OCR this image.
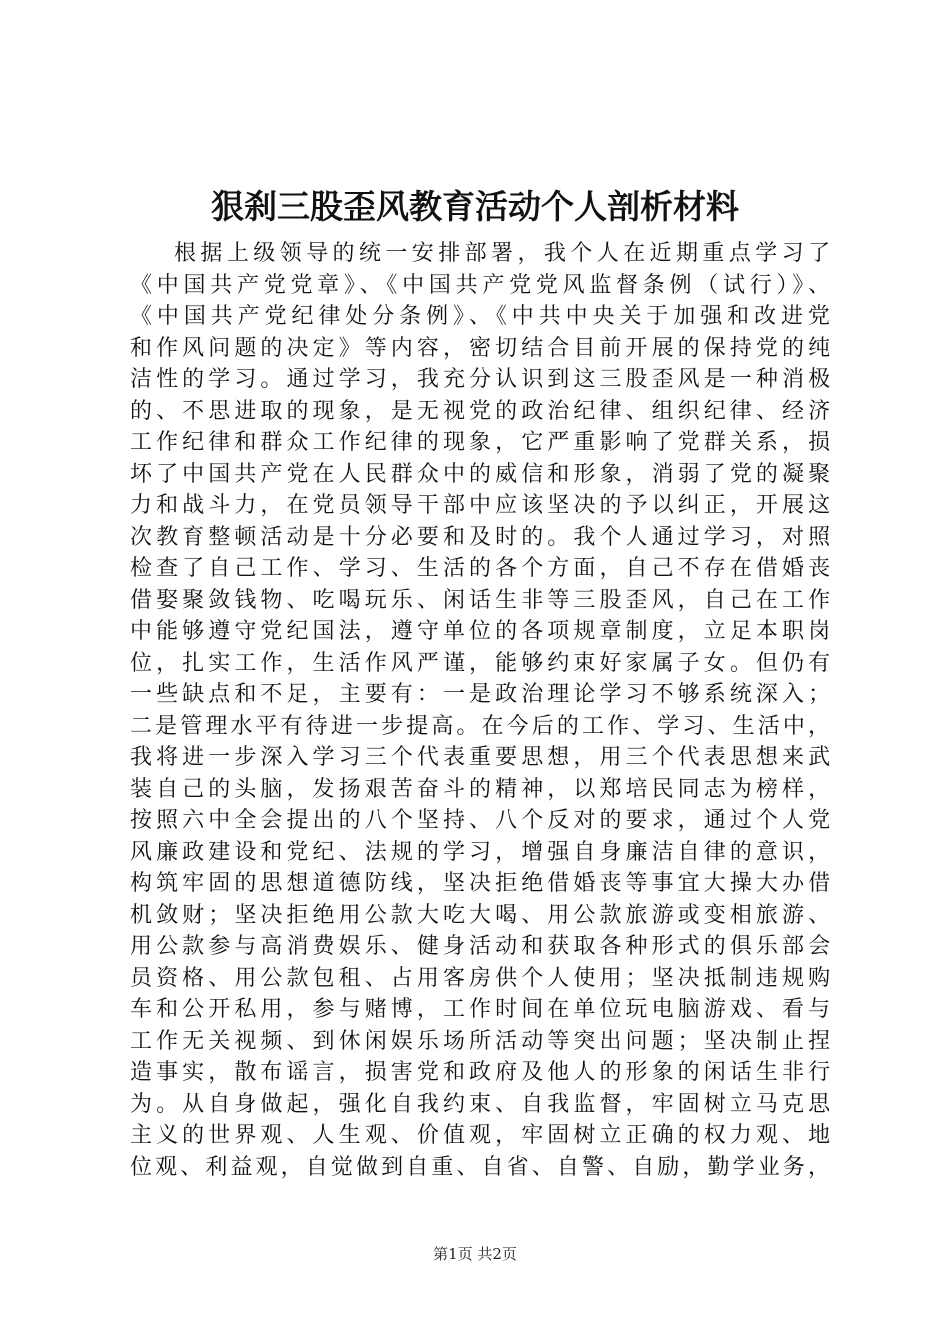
狠刹三股歪风教育活动个人剖析材料
根据上级领导的统一安排部署，我个人在近期重点学习了
《中国共产党党章》、《中国共产党党风监督条例（试行）》、
《中国共产党纪律处分条例》、《中共中央关于加强和改进党
和作风问题的决定》等内容，密切结合目前开展的保持党的纯
洁性的学习。通过学习，我充分认识到这三股歪风是一种消极
的、不思进取的现象，是无视党的政治纪律、组织纪律、经济
工作纪律和群众工作纪律的现象，它严重影响了党群关系，损
坏了中国共产党在人民群众中的威信和形象，消弱了党的凝聚
力和战斗力，在党员领导干部中应该坚决的予以纠正，开展这
次教育整顿活动是十分必要和及时的。我个人通过学习，对照
检查了自己工作、学习、生活的各个方面，自己不存在借婚丧
借娶聚敛钱物、吃喝玩乐、闲话生非等三股歪风，自己在工作
中能够遵守党纪国法，遵守单位的各项规章制度，立足本职岗
位，扎实工作，生活作风严谨，能够约束好家属子女。但仍有
一些缺点和不足，主要有：一是政治理论学习不够系统深入；
二是管理水平有待进一步提高。在今后的工作、学习、生活中，
我将进一步深入学习三个代表重要思想，用三个代表思想来武
装自己的头脑，发扬艰苦奋斗的精神，以郑培民同志为榜样，
按照六中全会提出的八个坚持、八个反对的要求，通过个人党
风廉政建设和党纪、法规的学习，增强自身廉洁自律的意识，
构筑牢固的思想道德防线，坚决拒绝借婚丧等事宜大操大办借
机敛财；坚决拒绝用公款大吃大喝、用公款旅游或变相旅游、
用公款参与高消费娱乐、健身活动和获取各种形式的俱乐部会
员资格、用公款包租、占用客房供个人使用；坚决抵制违规购
车和公开私用，参与赌博，工作时间在单位玩电脑游戏、看与
工作无关视频、到休闲娱乐场所活动等突出问题；坚决制止捏
造事实，散布谣言，损害党和政府及他人的形象的闲话生非行
为。从自身做起，强化自我约束、自我监督，牢固树立马克思
主义的世界观、人生观、价值观，牢固树立正确的权力观、地
位观、利益观，自觉做到自重、自省、自警、自励，勤学业务，
第1页 共2页
